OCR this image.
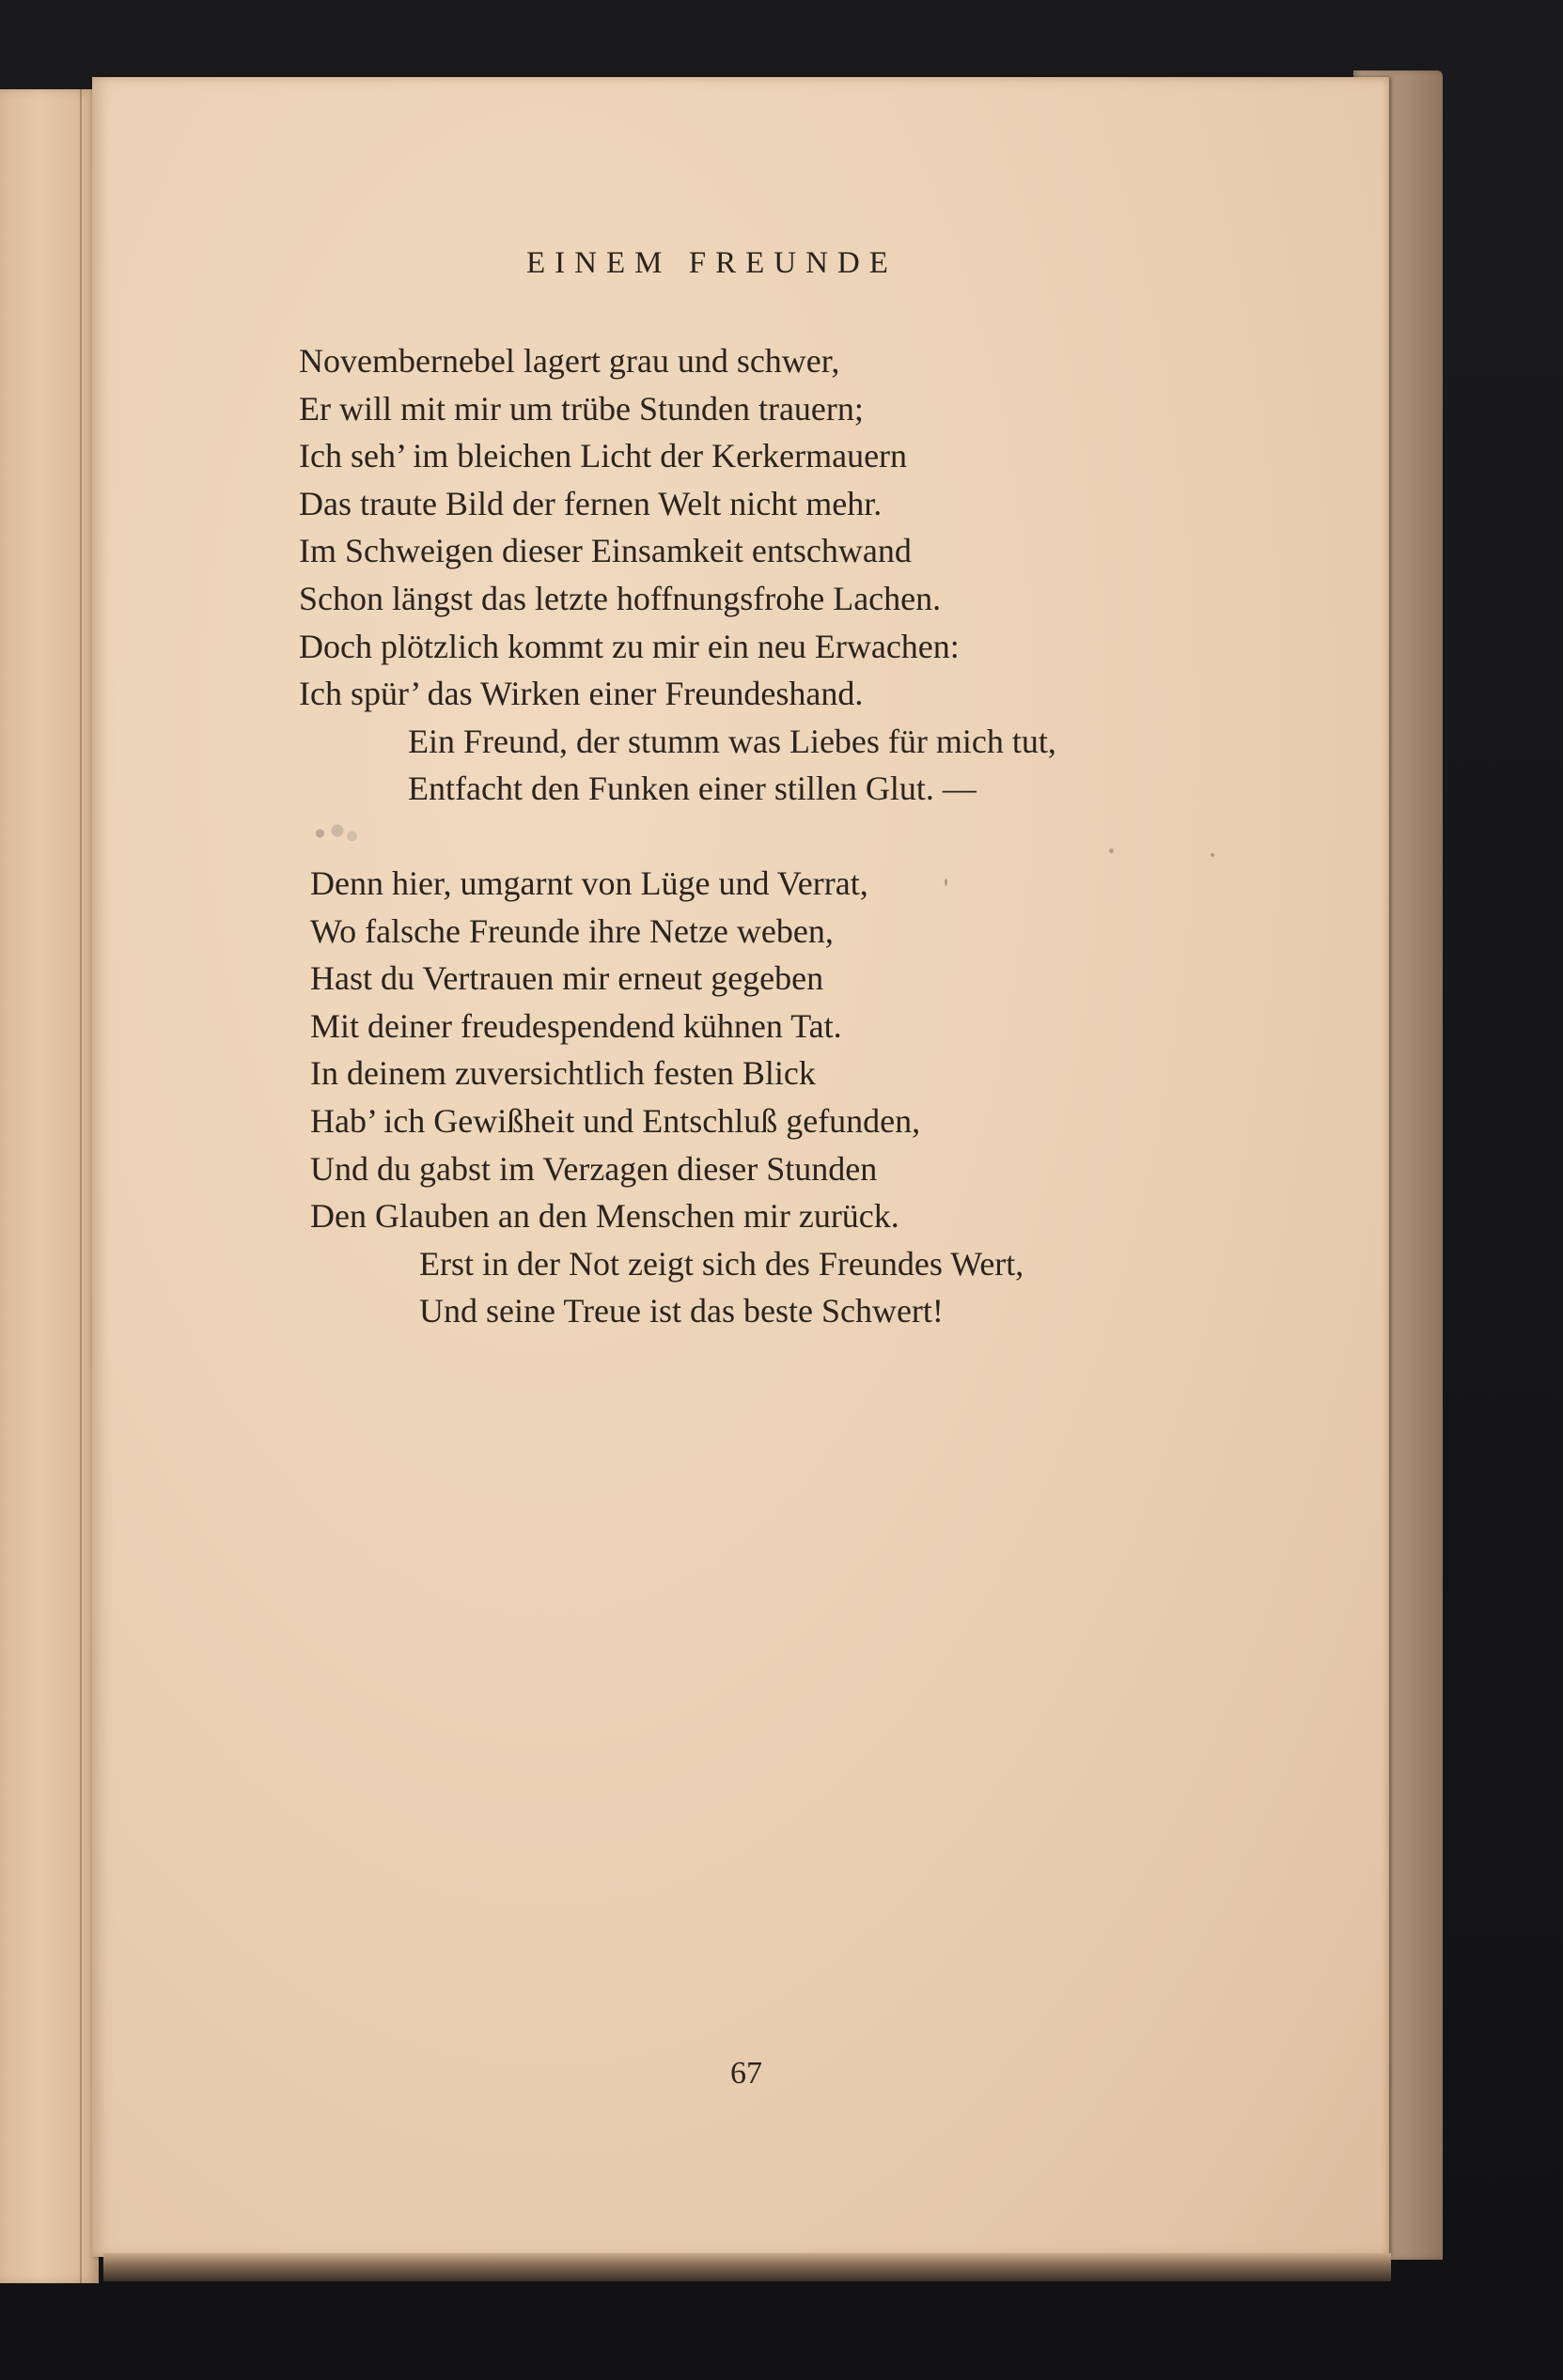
EINEM FREUNDE
Novembernebel lagert grau und schwer,
Er will mit mir um trübe Stunden trauern;
Ich seh’ im bleichen Licht der Kerkermauern
Das traute Bild der fernen Welt nicht mehr.
Im Schweigen dieser Einsamkeit entschwand
Schon längst das letzte hoffnungsfrohe Lachen.
Doch plötzlich kommt zu mir ein neu Erwachen:
Ich spür’ das Wirken einer Freundeshand.
Ein Freund, der stumm was Liebes für mich tut,
Entfacht den Funken einer stillen Glut. —
Denn hier, umgarnt von Lüge und Verrat,
Wo falsche Freunde ihre Netze weben,
Hast du Vertrauen mir erneut gegeben
Mit deiner freudespendend kühnen Tat.
In deinem zuversichtlich festen Blick
Hab’ ich Gewißheit und Entschluß gefunden,
Und du gabst im Verzagen dieser Stunden
Den Glauben an den Menschen mir zurück.
Erst in der Not zeigt sich des Freundes Wert,
Und seine Treue ist das beste Schwert!
67
